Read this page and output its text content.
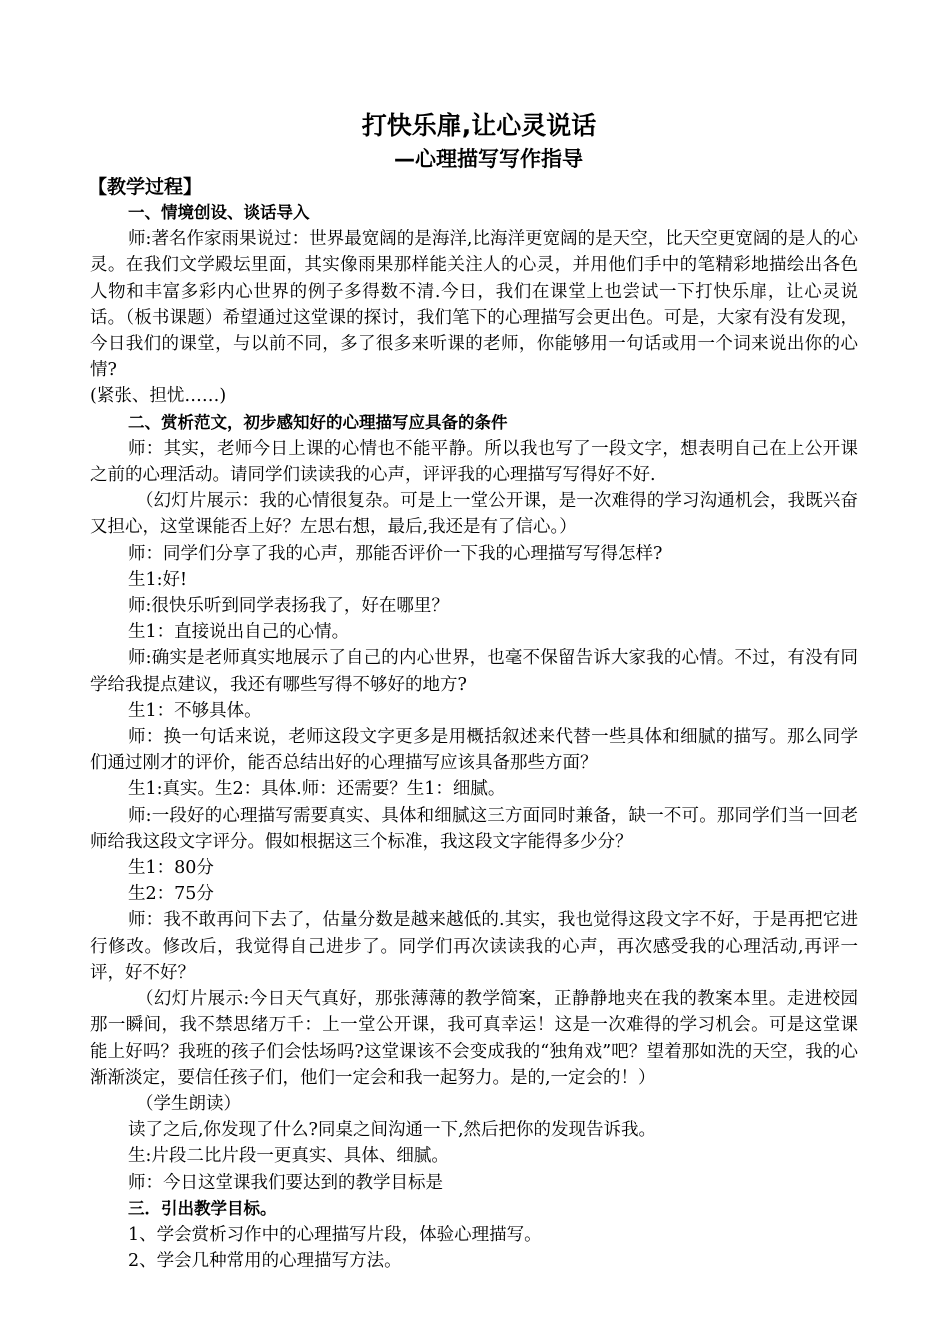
打快乐扉,让心灵说话
—心理描写写作指导
【教学过程】

一、情境创设、谈话导入

师:著名作家雨果说过：世界最宽阔的是海洋,比海洋更宽阔的是天空，比天空更宽阔的是人的心灵。在我们文学殿坛里面，其实像雨果那样能关注人的心灵，并用他们手中的笔精彩地描绘出各色人物和丰富多彩内心世界的例子多得数不清.今日，我们在课堂上也尝试一下打快乐扉，让心灵说话。（板书课题）希望通过这堂课的探讨，我们笔下的心理描写会更出色。可是，大家有没有发现，今日我们的课堂，与以前不同，多了很多来听课的老师，你能够用一句话或用一个词来说出你的心情?

(紧张、担忧……)

二、赏析范文，初步感知好的心理描写应具备的条件

师：其实，老师今日上课的心情也不能平静。所以我也写了一段文字，想表明自己在上公开课之前的心理活动。请同学们读读我的心声，评评我的心理描写写得好不好.

（幻灯片展示：我的心情很复杂。可是上一堂公开课，是一次难得的学习沟通机会，我既兴奋又担心，这堂课能否上好？左思右想，最后,我还是有了信心。）

师：同学们分享了我的心声，那能否评价一下我的心理描写写得怎样?

生1:好!

师:很快乐听到同学表扬我了，好在哪里？

生1：直接说出自己的心情。

师:确实是老师真实地展示了自己的内心世界，也毫不保留告诉大家我的心情。不过，有没有同学给我提点建议，我还有哪些写得不够好的地方?

生1：不够具体。

师：换一句话来说，老师这段文字更多是用概括叙述来代替一些具体和细腻的描写。那么同学们通过刚才的评价，能否总结出好的心理描写应该具备那些方面？

生1:真实。生2：具体.师：还需要？生1：细腻。

师:一段好的心理描写需要真实、具体和细腻这三方面同时兼备，缺一不可。那同学们当一回老师给我这段文字评分。假如根据这三个标准，我这段文字能得多少分？

生1：80分

生2：75分

师：我不敢再问下去了，估量分数是越来越低的.其实，我也觉得这段文字不好，于是再把它进行修改。修改后，我觉得自己进步了。同学们再次读读我的心声，再次感受我的心理活动,再评一评，好不好？

（幻灯片展示:今日天气真好，那张薄薄的教学简案，正静静地夹在我的教案本里。走进校园那一瞬间，我不禁思绪万千：上一堂公开课，我可真幸运！这是一次难得的学习机会。可是这堂课能上好吗？我班的孩子们会怯场吗?这堂课该不会变成我的“独角戏”吧？望着那如洗的天空，我的心渐渐淡定，要信任孩子们，他们一定会和我一起努力。是的,一定会的！）

（学生朗读）

读了之后,你发现了什么?同桌之间沟通一下,然后把你的发现告诉我。

生:片段二比片段一更真实、具体、细腻。

师：今日这堂课我们要达到的教学目标是

三．引出教学目标。

1、学会赏析习作中的心理描写片段，体验心理描写。

2、学会几种常用的心理描写方法。
